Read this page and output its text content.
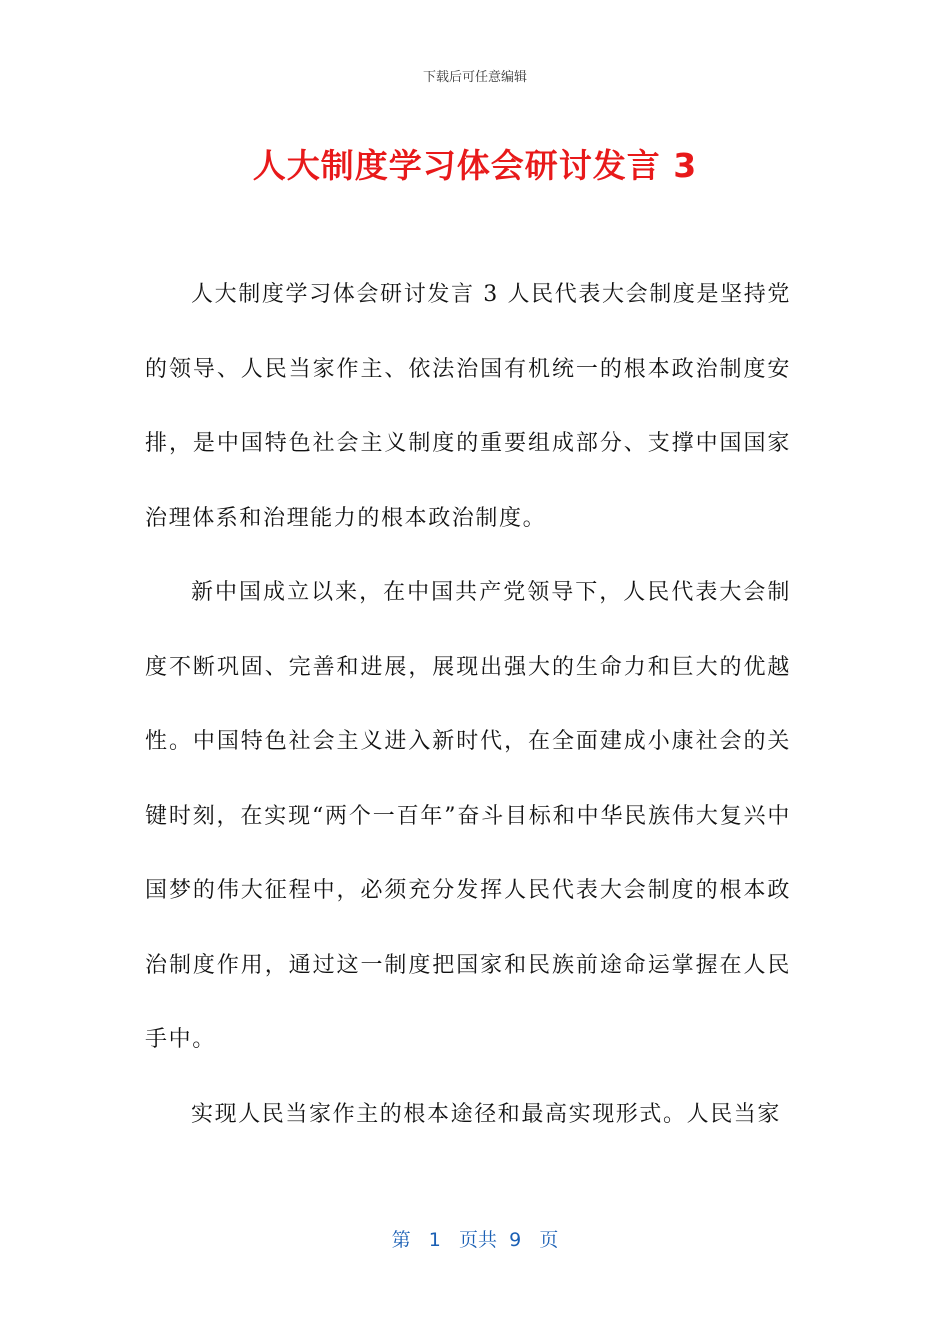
下载后可任意编辑
人大制度学习体会研讨发言 3

人大制度学习体会研讨发言 3 人民代表大会制度是坚持党的领导、人民当家作主、依法治国有机统一的根本政治制度安排，是中国特色社会主义制度的重要组成部分、支撑中国国家治理体系和治理能力的根本政治制度。

新中国成立以来，在中国共产党领导下，人民代表大会制度不断巩固、完善和进展，展现出强大的生命力和巨大的优越性。中国特色社会主义进入新时代，在全面建成小康社会的关键时刻，在实现“两个一百年”奋斗目标和中华民族伟大复兴中国梦的伟大征程中，必须充分发挥人民代表大会制度的根本政治制度作用，通过这一制度把国家和民族前途命运掌握在人民手中。

实现人民当家作主的根本途径和最高实现形式。人民当家

第 1 页共 9 页
